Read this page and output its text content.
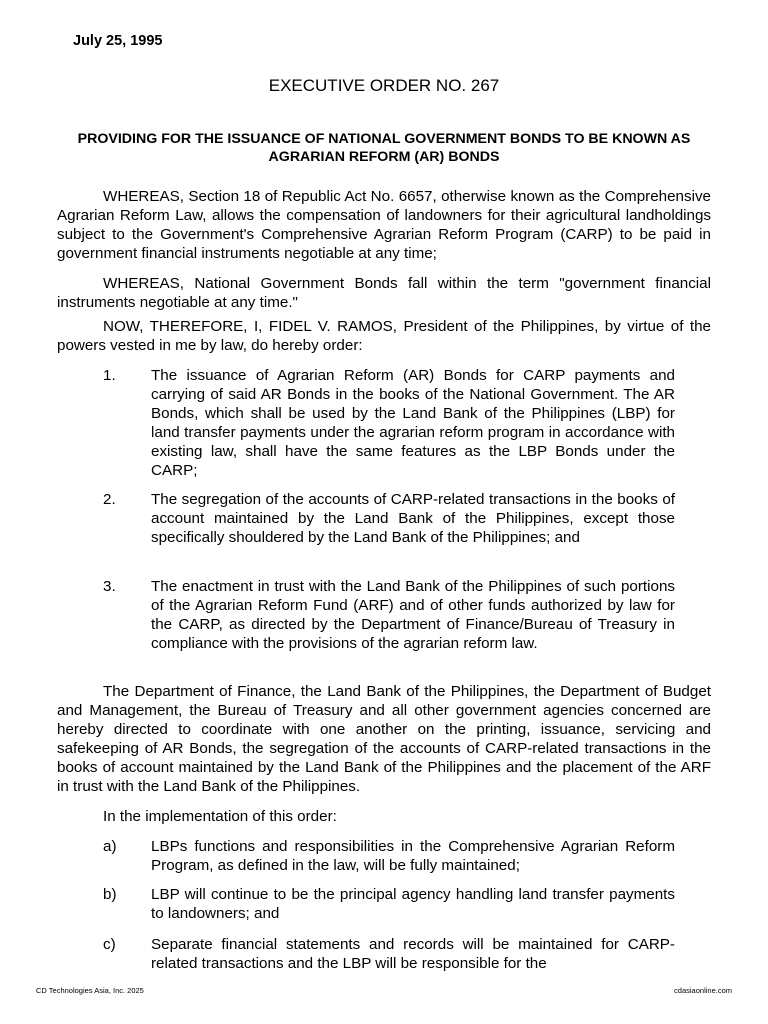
July 25, 1995
EXECUTIVE ORDER NO. 267
PROVIDING FOR THE ISSUANCE OF NATIONAL GOVERNMENT BONDS TO BE KNOWN AS AGRARIAN REFORM (AR) BONDS

WHEREAS, Section 18 of Republic Act No. 6657, otherwise known as the Comprehensive Agrarian Reform Law, allows the compensation of landowners for their agricultural landholdings subject to the Government's Comprehensive Agrarian Reform Program (CARP) to be paid in government financial instruments negotiable at any time;

WHEREAS, National Government Bonds fall within the term "government financial instruments negotiable at any time."

NOW, THEREFORE, I, FIDEL V. RAMOS, President of the Philippines, by virtue of the powers vested in me by law, do hereby order:

1. The issuance of Agrarian Reform (AR) Bonds for CARP payments and carrying of said AR Bonds in the books of the National Government. The AR Bonds, which shall be used by the Land Bank of the Philippines (LBP) for land transfer payments under the agrarian reform program in accordance with existing law, shall have the same features as the LBP Bonds under the CARP;
2. The segregation of the accounts of CARP-related transactions in the books of account maintained by the Land Bank of the Philippines, except those specifically shouldered by the Land Bank of the Philippines; and
3. The enactment in trust with the Land Bank of the Philippines of such portions of the Agrarian Reform Fund (ARF) and of other funds authorized by law for the CARP, as directed by the Department of Finance/Bureau of Treasury in compliance with the provisions of the agrarian reform law.

The Department of Finance, the Land Bank of the Philippines, the Department of Budget and Management, the Bureau of Treasury and all other government agencies concerned are hereby directed to coordinate with one another on the printing, issuance, servicing and safekeeping of AR Bonds, the segregation of the accounts of CARP-related transactions in the books of account maintained by the Land Bank of the Philippines and the placement of the ARF in trust with the Land Bank of the Philippines.

In the implementation of this order:

a) LBPs functions and responsibilities in the Comprehensive Agrarian Reform Program, as defined in the law, will be fully maintained;
b) LBP will continue to be the principal agency handling land transfer payments to landowners; and
c) Separate financial statements and records will be maintained for CARP-related transactions and the LBP will be responsible for the
CD Technologies Asia, Inc. 2025	cdasiaonline.com
